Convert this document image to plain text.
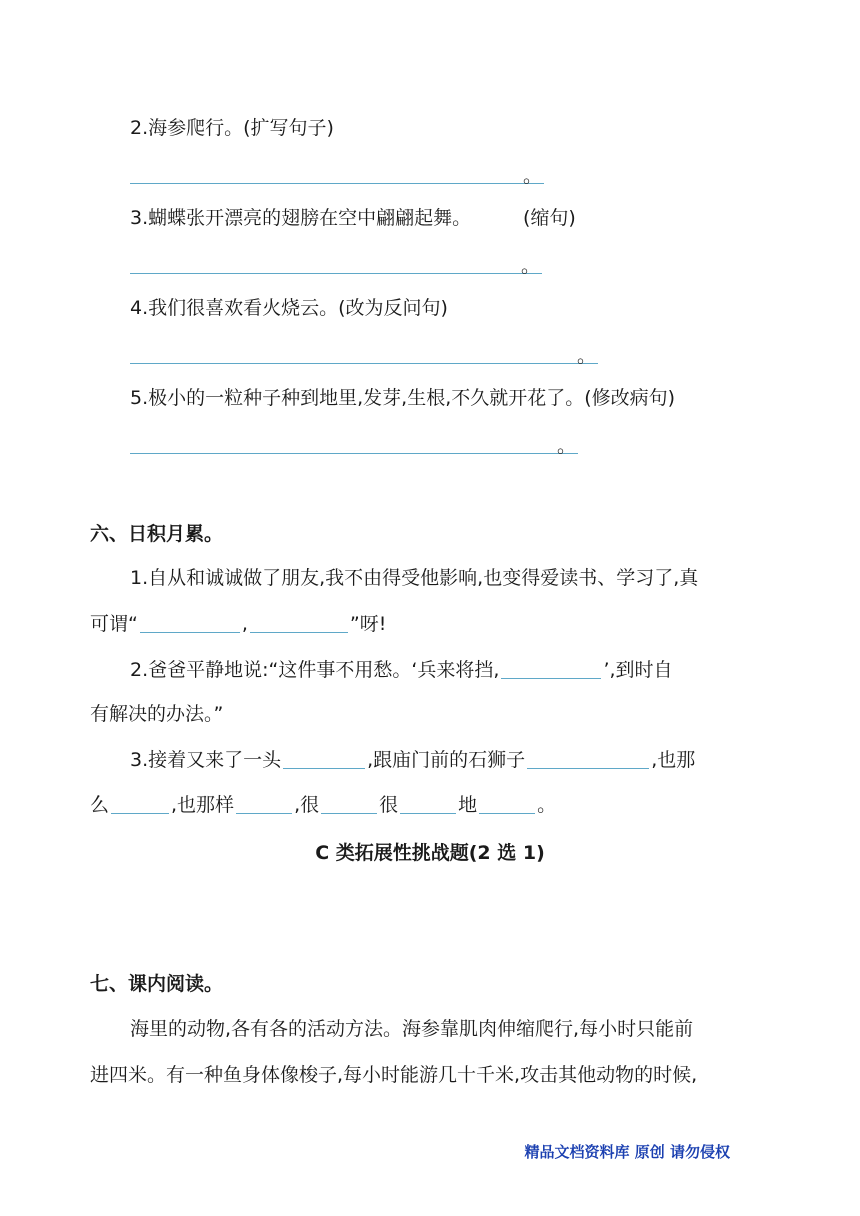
2.海参爬行。(扩写句子)
。
3.蝴蝶张开漂亮的翅膀在空中翩翩起舞。	(缩句)
。
4.我们很喜欢看火烧云。(改为反问句)
。
5.极小的一粒种子种到地里,发芽,生根,不久就开花了。(修改病句)
。
六、日积月累。
1.自从和诚诚做了朋友,我不由得受他影响,也变得爱读书、学习了,真
可谓“	,	”呀!
2.爸爸平静地说:“这件事不用愁。‘兵来将挡,	’,到时自
有解决的办法。”
3.接着又来了一头	,跟庙门前的石狮子	,也那
么	,也那样	,很	很	地	。
C 类拓展性挑战题(2 选 1)
七、课内阅读。
海里的动物,各有各的活动方法。海参靠肌肉伸缩爬行,每小时只能前
进四米。有一种鱼身体像梭子,每小时能游几十千米,攻击其他动物的时候,
精品文档资料库 原创 请勿侵权
